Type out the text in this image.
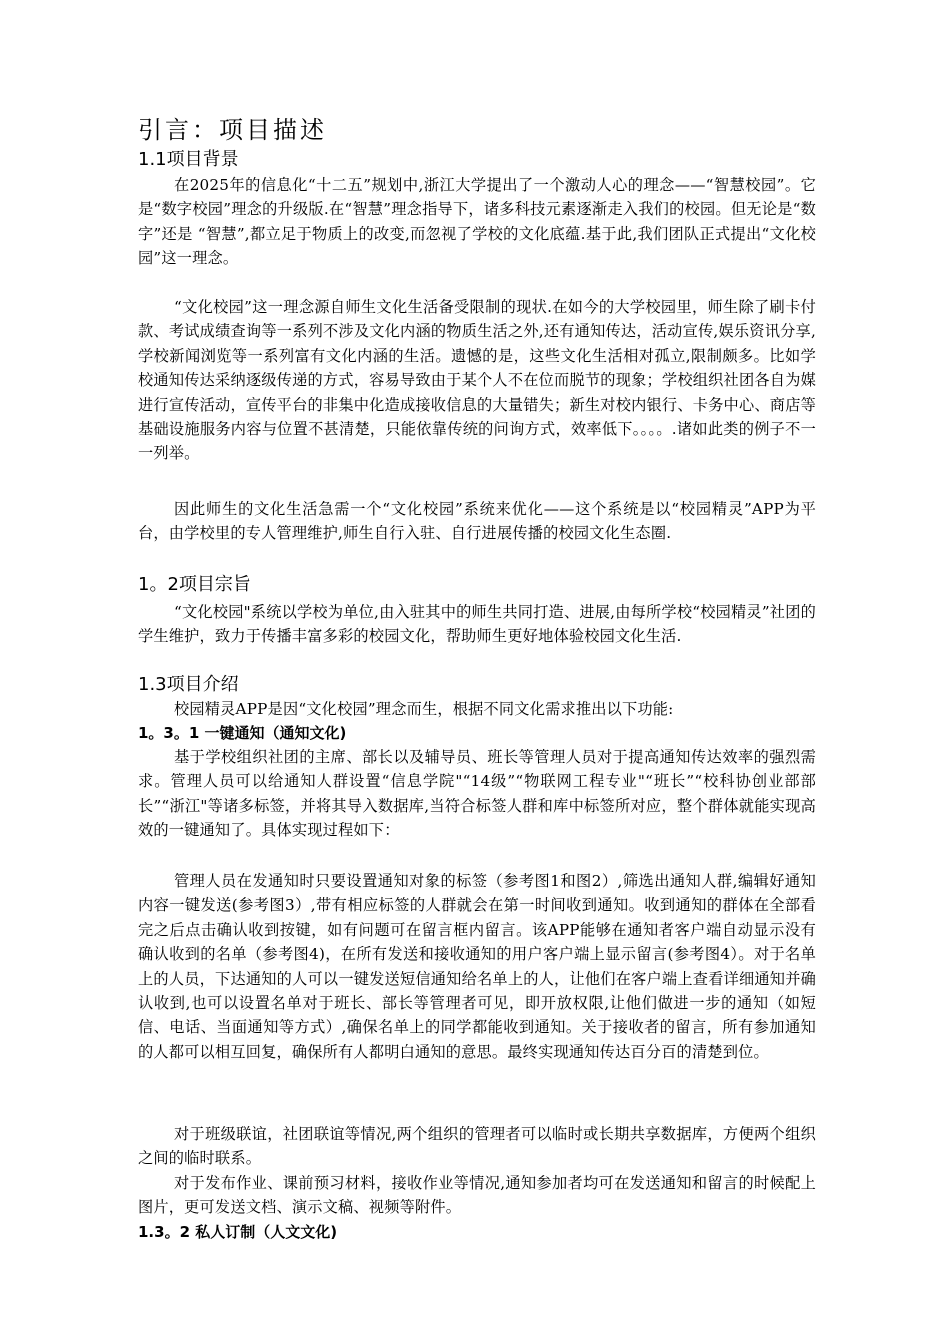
引言：项目描述
1.1项目背景
在2025年的信息化“十二五”规划中,浙江大学提出了一个激动人心的理念——“智慧校园”。它是“数字校园”理念的升级版.在“智慧”理念指导下，诸多科技元素逐渐走入我们的校园。但无论是“数字”还是 “智慧”,都立足于物质上的改变,而忽视了学校的文化底蕴.基于此,我们团队正式提出“文化校园”这一理念。
“文化校园”这一理念源自师生文化生活备受限制的现状.在如今的大学校园里，师生除了刷卡付款、考试成绩查询等一系列不涉及文化内涵的物质生活之外,还有通知传达，活动宣传,娱乐资讯分享,学校新闻浏览等一系列富有文化内涵的生活。遗憾的是，这些文化生活相对孤立,限制颇多。比如学校通知传达采纳逐级传递的方式，容易导致由于某个人不在位而脱节的现象；学校组织社团各自为媒进行宣传活动，宣传平台的非集中化造成接收信息的大量错失；新生对校内银行、卡务中心、商店等基础设施服务内容与位置不甚清楚，只能依靠传统的问询方式，效率低下。。。。.诸如此类的例子不一一列举。
因此师生的文化生活急需一个“文化校园”系统来优化——这个系统是以“校园精灵”APP为平台，由学校里的专人管理维护,师生自行入驻、自行进展传播的校园文化生态圈.
1。2项目宗旨
“文化校园"系统以学校为单位,由入驻其中的师生共同打造、进展,由每所学校“校园精灵”社团的学生维护，致力于传播丰富多彩的校园文化，帮助师生更好地体验校园文化生活.
1.3项目介绍
校园精灵APP是因“文化校园”理念而生，根据不同文化需求推出以下功能:
1。3。1 一键通知（通知文化)
基于学校组织社团的主席、部长以及辅导员、班长等管理人员对于提高通知传达效率的强烈需求。管理人员可以给通知人群设置“信息学院"“14级”“物联网工程专业"“班长”“校科协创业部部长”“浙江"等诸多标签，并将其导入数据库,当符合标签人群和库中标签所对应，整个群体就能实现高效的一键通知了。具体实现过程如下：
管理人员在发通知时只要设置通知对象的标签（参考图1和图2）,筛选出通知人群,编辑好通知内容一键发送(参考图3）,带有相应标签的人群就会在第一时间收到通知。收到通知的群体在全部看完之后点击确认收到按键，如有问题可在留言框内留言。该APP能够在通知者客户端自动显示没有确认收到的名单（参考图4)，在所有发送和接收通知的用户客户端上显示留言(参考图4）。对于名单上的人员，下达通知的人可以一键发送短信通知给名单上的人，让他们在客户端上查看详细通知并确认收到,也可以设置名单对于班长、部长等管理者可见，即开放权限,让他们做进一步的通知（如短信、电话、当面通知等方式）,确保名单上的同学都能收到通知。关于接收者的留言，所有参加通知的人都可以相互回复，确保所有人都明白通知的意思。最终实现通知传达百分百的清楚到位。
对于班级联谊，社团联谊等情况,两个组织的管理者可以临时或长期共享数据库，方便两个组织之间的临时联系。
对于发布作业、课前预习材料，接收作业等情况,通知参加者均可在发送通知和留言的时候配上图片，更可发送文档、演示文稿、视频等附件。
1.3。2 私人订制（人文文化)
